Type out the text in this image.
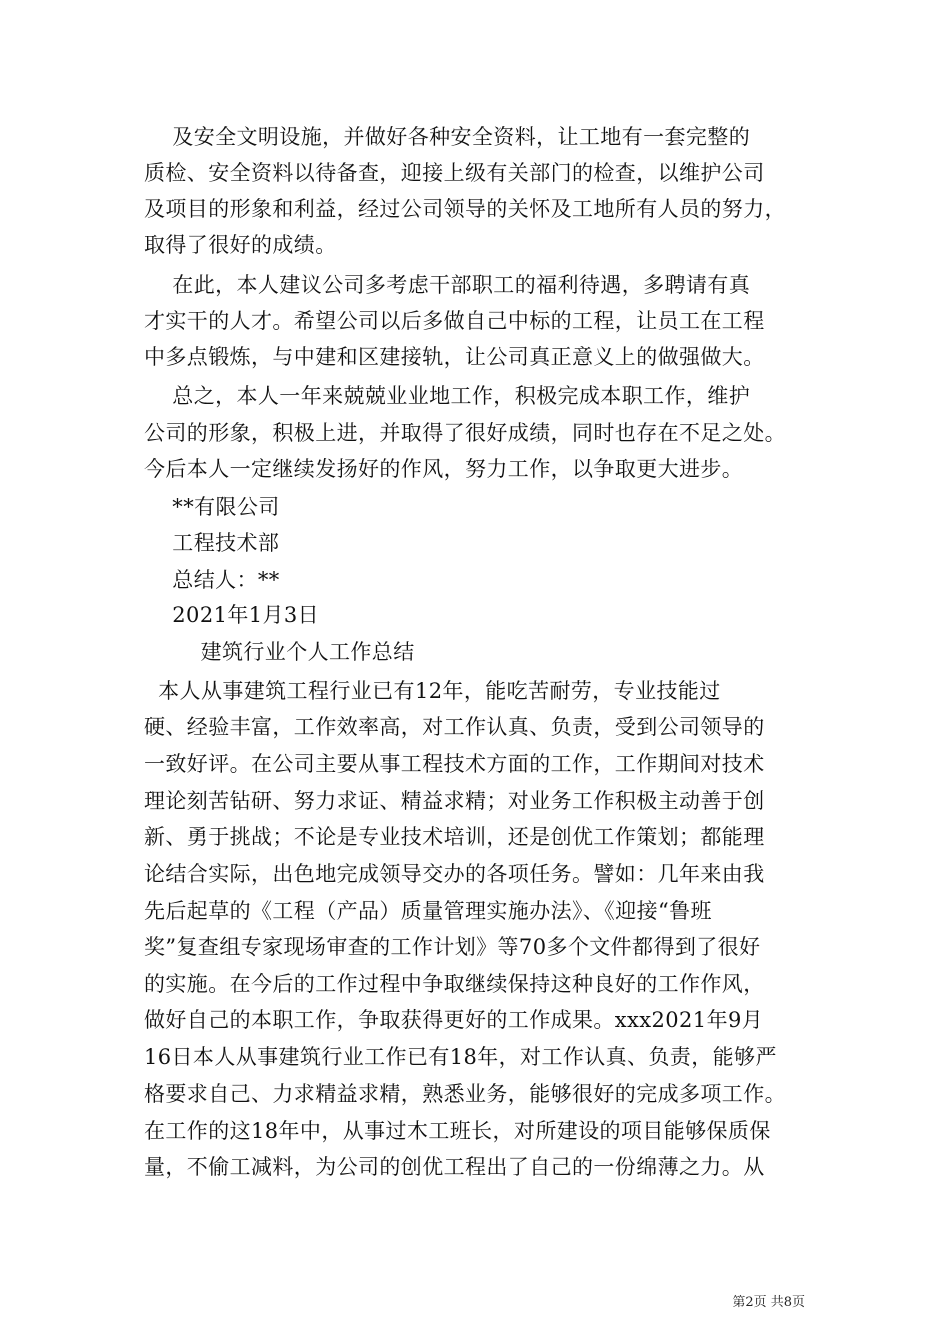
及安全文明设施，并做好各种安全资料，让工地有一套完整的
质检、安全资料以待备查，迎接上级有关部门的检查，以维护公司
及项目的形象和利益，经过公司领导的关怀及工地所有人员的努力，
取得了很好的成绩。
在此，本人建议公司多考虑干部职工的福利待遇，多聘请有真
才实干的人才。希望公司以后多做自己中标的工程，让员工在工程
中多点锻炼，与中建和区建接轨，让公司真正意义上的做强做大。
总之，本人一年来兢兢业业地工作，积极完成本职工作，维护
公司的形象，积极上进，并取得了很好成绩，同时也存在不足之处。
今后本人一定继续发扬好的作风，努力工作，以争取更大进步。
**有限公司
工程技术部
总结人：**
2021年1月3日
建筑行业个人工作总结
本人从事建筑工程行业已有12年，能吃苦耐劳，专业技能过
硬、经验丰富，工作效率高，对工作认真、负责，受到公司领导的
一致好评。在公司主要从事工程技术方面的工作，工作期间对技术
理论刻苦钻研、努力求证、精益求精；对业务工作积极主动善于创
新、勇于挑战；不论是专业技术培训，还是创优工作策划；都能理
论结合实际，出色地完成领导交办的各项任务。譬如：几年来由我
先后起草的《工程（产品）质量管理实施办法》、《迎接“鲁班
奖”复查组专家现场审查的工作计划》等70多个文件都得到了很好
的实施。在今后的工作过程中争取继续保持这种良好的工作作风，
做好自己的本职工作，争取获得更好的工作成果。xxx2021年9月
16日本人从事建筑行业工作已有18年，对工作认真、负责，能够严
格要求自己、力求精益求精，熟悉业务，能够很好的完成多项工作。
在工作的这18年中，从事过木工班长，对所建设的项目能够保质保
量，不偷工减料，为公司的创优工程出了自己的一份绵薄之力。从
第2页 共8页
